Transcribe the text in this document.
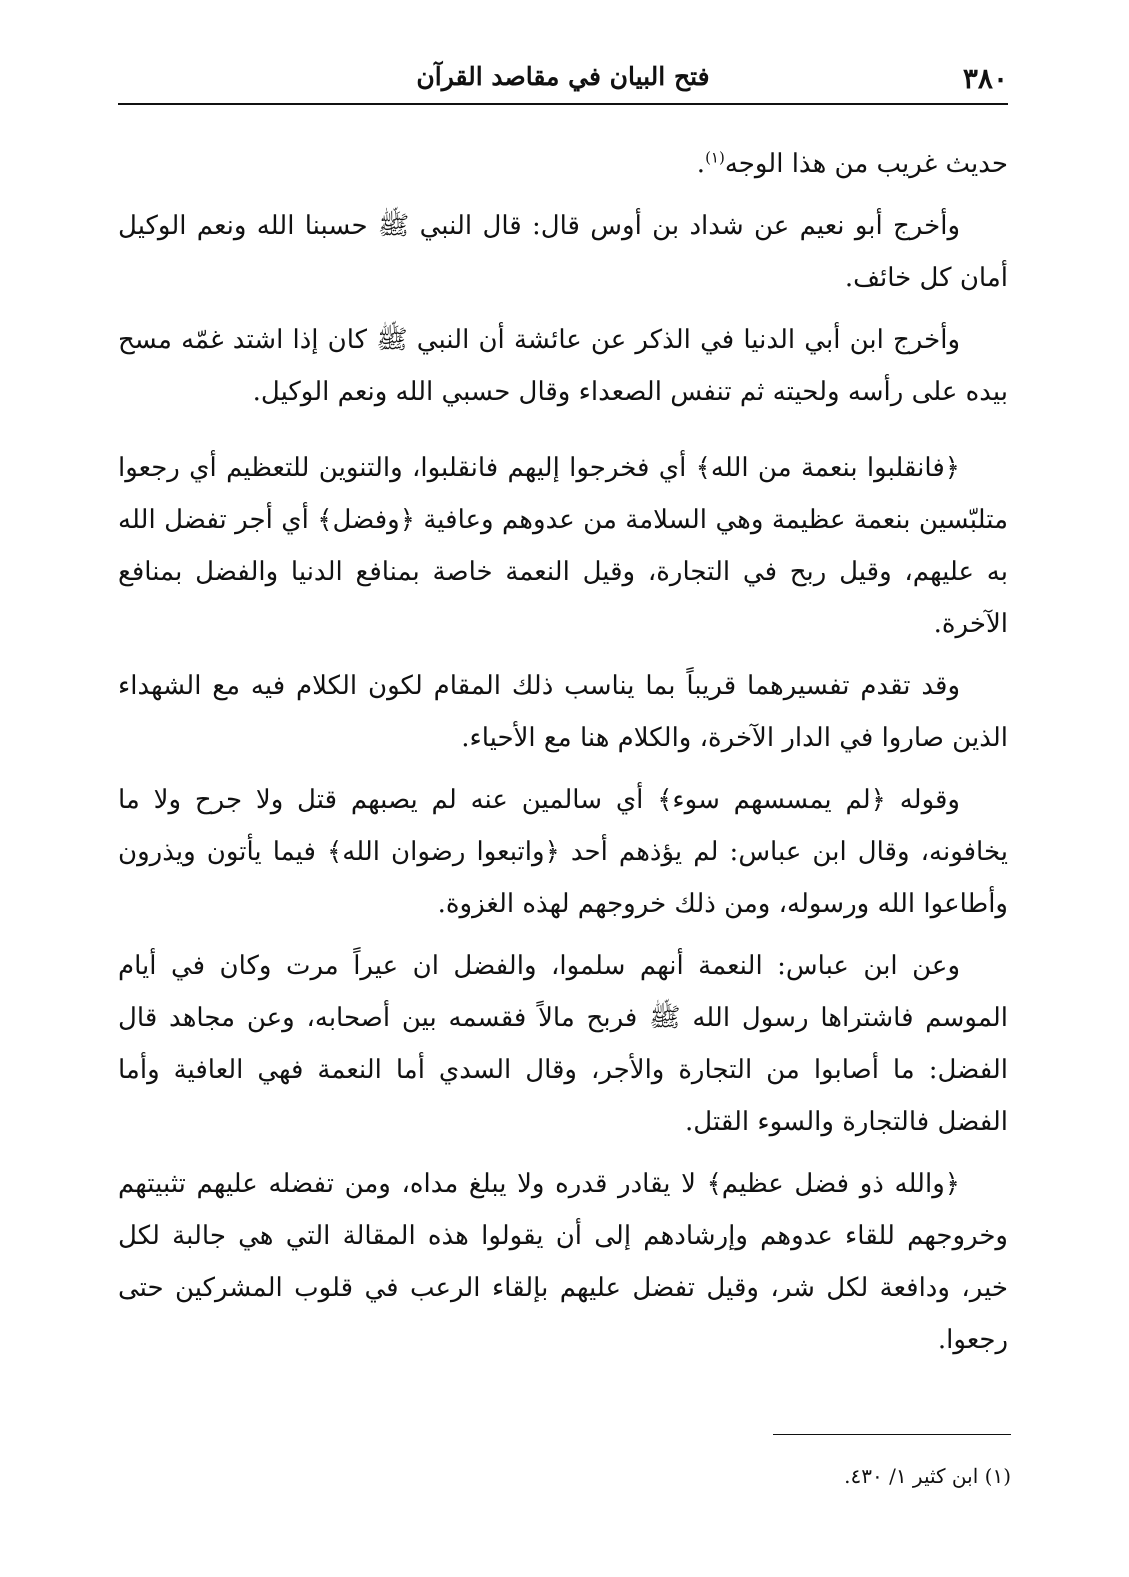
٣٨٠
فتح البيان في مقاصد القرآن

حديث غريب من هذا الوجه$^{(١)}$.

وأخرج أبو نعيم عن شداد بن أوس قال: قال النبي ﷺ حسبنا الله ونعم الوكيل أمان كل خائف.

وأخرج ابن أبي الدنيا في الذكر عن عائشة أن النبي ﷺ كان إذا اشتد غمّه مسح بيده على رأسه ولحيته ثم تنفس الصعداء وقال حسبي الله ونعم الوكيل.

﴿فانقلبوا بنعمة من الله﴾ أي فخرجوا إليهم فانقلبوا، والتنوين للتعظيم أي رجعوا متلبّسين بنعمة عظيمة وهي السلامة من عدوهم وعافية ﴿وفضل﴾ أي أجر تفضل الله به عليهم، وقيل ربح في التجارة، وقيل النعمة خاصة بمنافع الدنيا والفضل بمنافع الآخرة.

وقد تقدم تفسيرهما قريباً بما يناسب ذلك المقام لكون الكلام فيه مع الشهداء الذين صاروا في الدار الآخرة، والكلام هنا مع الأحياء.

وقوله ﴿لم يمسسهم سوء﴾ أي سالمين عنه لم يصبهم قتل ولا جرح ولا ما يخافونه، وقال ابن عباس: لم يؤذهم أحد ﴿واتبعوا رضوان الله﴾ فيما يأتون ويذرون وأطاعوا الله ورسوله، ومن ذلك خروجهم لهذه الغزوة.

وعن ابن عباس: النعمة أنهم سلموا، والفضل ان عيراً مرت وكان في أيام الموسم فاشتراها رسول الله ﷺ فربح مالاً فقسمه بين أصحابه، وعن مجاهد قال الفضل: ما أصابوا من التجارة والأجر، وقال السدي أما النعمة فهي العافية وأما الفضل فالتجارة والسوء القتل.

﴿والله ذو فضل عظيم﴾ لا يقادر قدره ولا يبلغ مداه، ومن تفضله عليهم تثبيتهم وخروجهم للقاء عدوهم وإرشادهم إلى أن يقولوا هذه المقالة التي هي جالبة لكل خير، ودافعة لكل شر، وقيل تفضل عليهم بإلقاء الرعب في قلوب المشركين حتى رجعوا.

(١) ابن كثير ١/ ٤٣٠.
